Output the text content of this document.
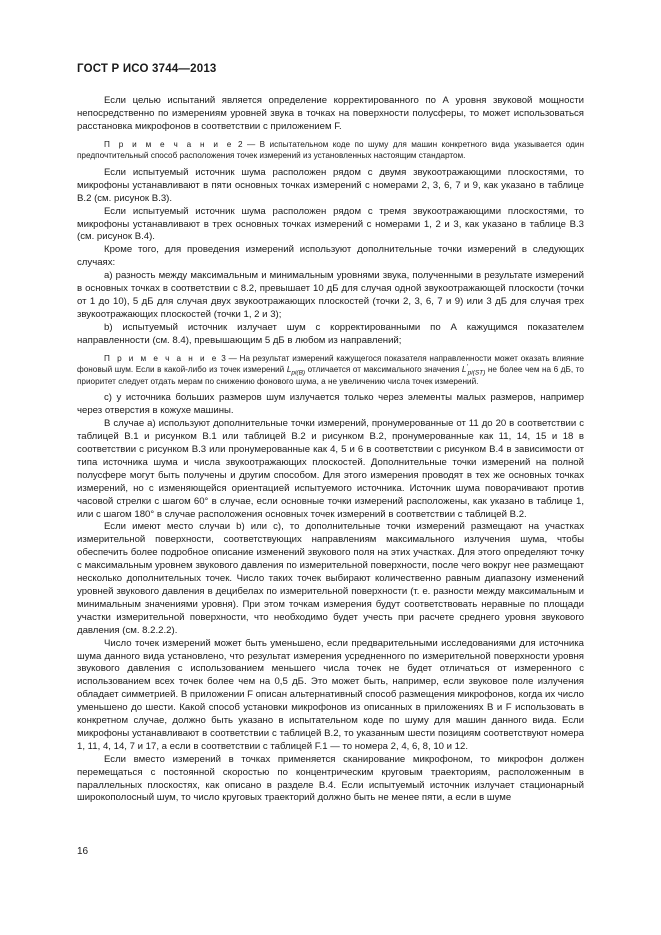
ГОСТ Р ИСО 3744—2013

Если целью испытаний является определение корректированного по А уровня звуковой мощности непосредственно по измерениям уровней звука в точках на поверхности полусферы, то может использоваться расстановка микрофонов в соответствии с приложением F.

П р и м е ч а н и е 2 — В испытательном коде по шуму для машин конкретного вида указывается один предпочтительный способ расположения точек измерений из установленных настоящим стандартом.

Если испытуемый источник шума расположен рядом с двумя звукоотражающими плоскостями, то микрофоны устанавливают в пяти основных точках измерений с номерами 2, 3, 6, 7 и 9, как указано в таблице В.2 (см. рисунок В.3).

Если испытуемый источник шума расположен рядом с тремя звукоотражающими плоскостями, то микрофоны устанавливают в трех основных точках измерений с номерами 1, 2 и 3, как указано в таблице В.3 (см. рисунок В.4).

Кроме того, для проведения измерений используют дополнительные точки измерений в следующих случаях:

a) разность между максимальным и минимальным уровнями звука, полученными в результате измерений в основных точках в соответствии с 8.2, превышает 10 дБ для случая одной звукоотражающей плоскости (точки от 1 до 10), 5 дБ для случая двух звукоотражающих плоскостей (точки 2, 3, 6, 7 и 9) или 3 дБ для случая трех звукоотражающих плоскостей (точки 1, 2 и 3);

b) испытуемый источник излучает шум с корректированными по А кажущимся показателем направленности (см. 8.4), превышающим 5 дБ в любом из направлений;

П р и м е ч а н и е 3 — На результат измерений кажущегося показателя направленности может оказать влияние фоновый шум. Если в какой-либо из точек измерений $L_{pi(B)}$ отличается от максимального значения $L'_{pi(ST)}$ не более чем на 6 дБ, то приоритет следует отдать мерам по снижению фонового шума, а не увеличению числа точек измерений.

c) у источника больших размеров шум излучается только через элементы малых размеров, например через отверстия в кожухе машины.

В случае a) используют дополнительные точки измерений, пронумерованные от 11 до 20 в соответствии с таблицей В.1 и рисунком В.1 или таблицей В.2 и рисунком В.2, пронумерованные как 11, 14, 15 и 18 в соответствии с рисунком В.3 или пронумерованные как 4, 5 и 6 в соответствии с рисунком В.4 в зависимости от типа источника шума и числа звукоотражающих плоскостей. Дополнительные точки измерений на полной полусфере могут быть получены и другим способом. Для этого измерения проводят в тех же основных точках измерений, но с изменяющейся ориентацией испытуемого источника. Источник шума поворачивают против часовой стрелки с шагом 60° в случае, если основные точки измерений расположены, как указано в таблице 1, или с шагом 180° в случае расположения основных точек измерений в соответствии с таблицей В.2.

Если имеют место случаи b) или c), то дополнительные точки измерений размещают на участках измерительной поверхности, соответствующих направлениям максимального излучения шума, чтобы обеспечить более подробное описание изменений звукового поля на этих участках. Для этого определяют точку с максимальным уровнем звукового давления по измерительной поверхности, после чего вокруг нее размещают несколько дополнительных точек. Число таких точек выбирают количественно равным диапазону изменений уровней звукового давления в децибелах по измерительной поверхности (т. е. разности между максимальным и минимальным значениями уровня). При этом точкам измерения будут соответствовать неравные по площади участки измерительной поверхности, что необходимо будет учесть при расчете среднего уровня звукового давления (см. 8.2.2.2).

Число точек измерений может быть уменьшено, если предварительными исследованиями для источника шума данного вида установлено, что результат измерения усредненного по измерительной поверхности уровня звукового давления с использованием меньшего числа точек не будет отличаться от измеренного с использованием всех точек более чем на 0,5 дБ. Это может быть, например, если звуковое поле излучения обладает симметрией. В приложении F описан альтернативный способ размещения микрофонов, когда их число уменьшено до шести. Какой способ установки микрофонов из описанных в приложениях В и F использовать в конкретном случае, должно быть указано в испытательном коде по шуму для машин данного вида. Если микрофоны устанавливают в соответствии с таблицей В.2, то указанным шести позициям соответствуют номера 1, 11, 4, 14, 7 и 17, а если в соответствии с таблицей F.1 — то номера 2, 4, 6, 8, 10 и 12.

Если вместо измерений в точках применяется сканирование микрофоном, то микрофон должен перемещаться с постоянной скоростью по концентрическим круговым траекториям, расположенным в параллельных плоскостях, как описано в разделе В.4. Если испытуемый источник излучает стационарный широкополосный шум, то число круговых траекторий должно быть не менее пяти, а если в шуме

16
